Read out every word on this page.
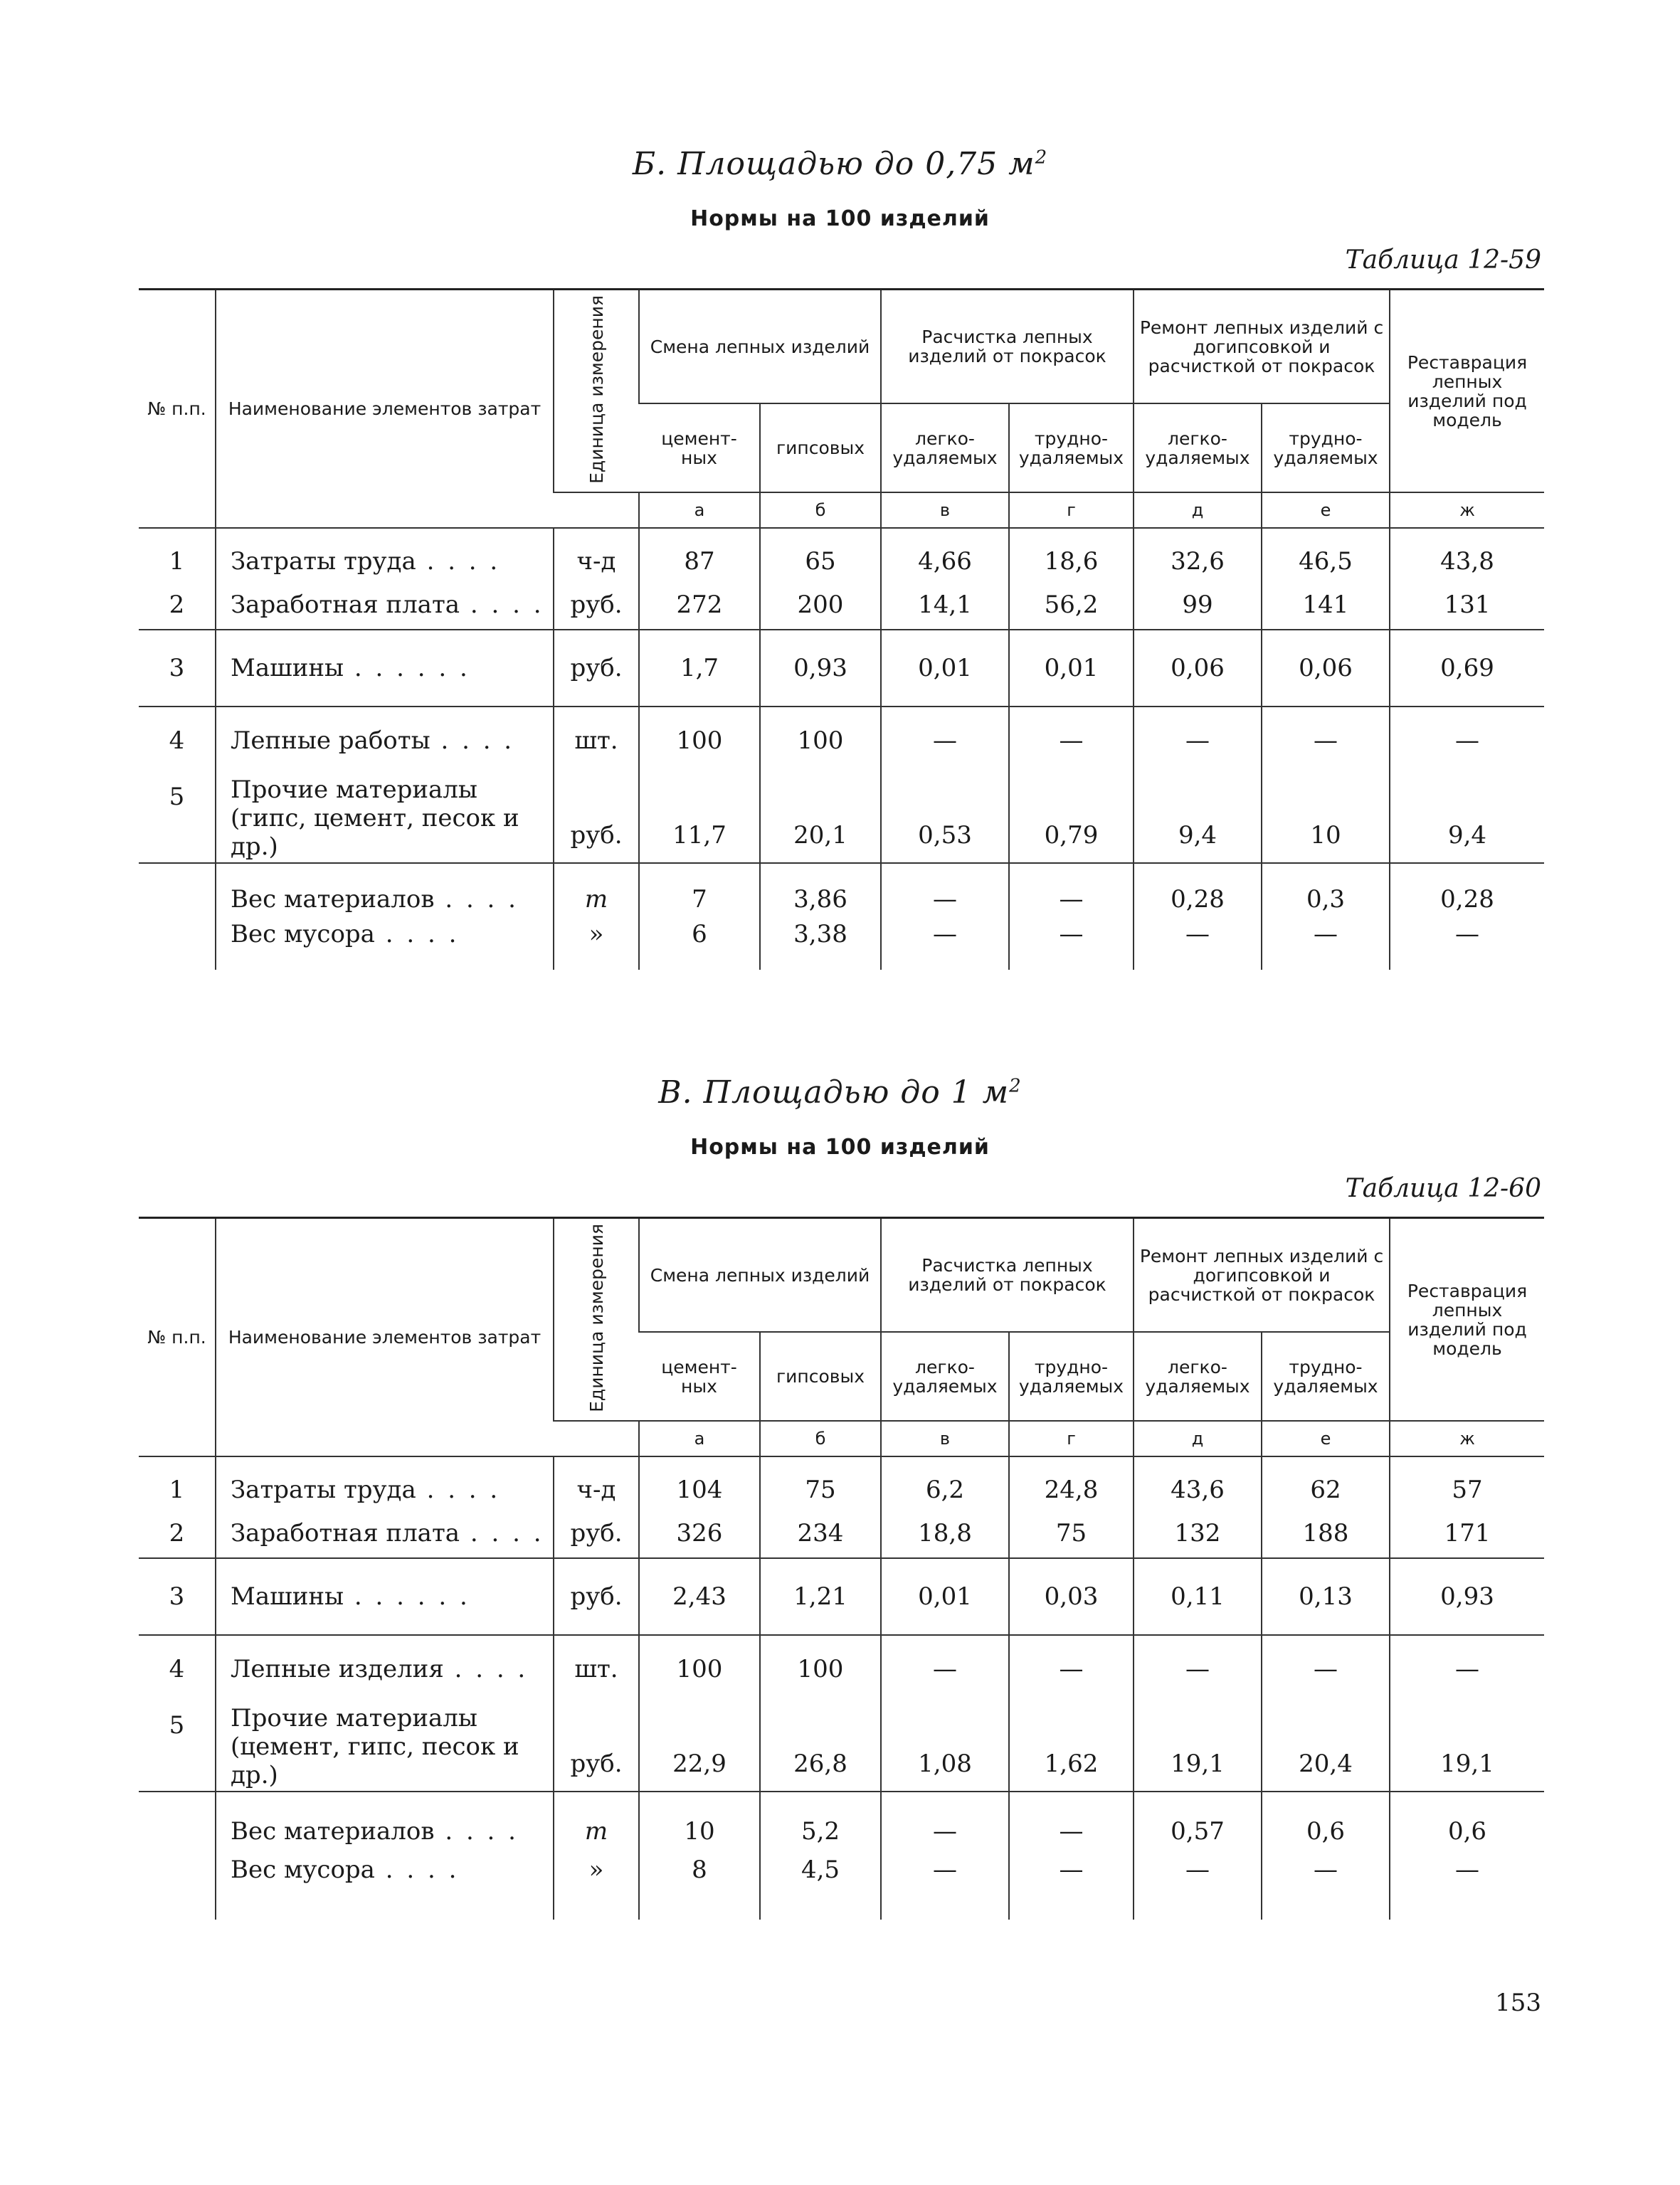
Б. Площадью до 0,75 $м^2$
Нормы на 100 изделий
Таблица 12-59
№ п.п.	Наименование элементов затрат	Единица измерения	Смена лепных изделий		Расчистка лепных изделий от покрасок		Ремонт лепных изделий с догипсовкой и расчисткой от покрасок		Реставрация лепных изделий под модель
			цемент-ных	гипсовых	легко-удаляемых	трудно-удаляемых	легко-удаляемых	трудно-удаляемых	
			а	б	в	г	д	е	ж
1	Затраты труда . . . .	ч-д	87	65	4,66	18,6	32,6	46,5	43,8
2	Заработная плата . . . .	руб.	272	200	14,1	56,2	99	141	131
3	Машины . . .	руб.	1,7	0,93	0,01	0,01	0,06	0,06	0,69
4	Лепные работы . . . .	шт.	100	100	—	—	—	—	—
5	Прочие материалы (гипс, цемент, песок и др.)	руб.	11,7	20,1	0,53	0,79	9,4	10	9,4

	Вес материалов . . . .	т	7	3,86	—	—	0,28	0,3	0,28

	Вес мусора . . . .	»	6	3,38	—	—	—	—	—
В. Площадью до 1 $м^2$
Нормы на 100 изделий
Таблица 12-60
№ п.п.	Наименование элементов затрат	Единица измерения	Смена лепных изделий		Расчистка лепных изделий от покрасок		Ремонт лепных изделий с догипсовкой и расчисткой от покрасок		Реставрация лепных изделий под модель
			цемент-ных	гипсовых	легко-удаляемых	трудно-удаляемых	легко-удаляемых	трудно-удаляемых	
			а	б	в	г	д	е	ж
1	Затраты труда . . . .	ч-д	104	75	6,2	24,8	43,6	62	57
2	Заработная плата . . . .	руб.	326	234	18,8	75	132	188	171
3	Машины . . .	руб.	2,43	1,21	0,01	0,03	0,11	0,13	0,93
4	Лепные изделия . . . .	шт.	100	100	—	—	—	—	—
5	Прочие материалы (цемент, гипс, песок и др.)	руб.	22,9	26,8	1,08	1,62	19,1	20,4	19,1

	Вес материалов . . . .	т	10	5,2	—	—	0,57	0,6	0,6

	Вес мусора . . . .	»	8	4,5	—	—	—	—	—
153
